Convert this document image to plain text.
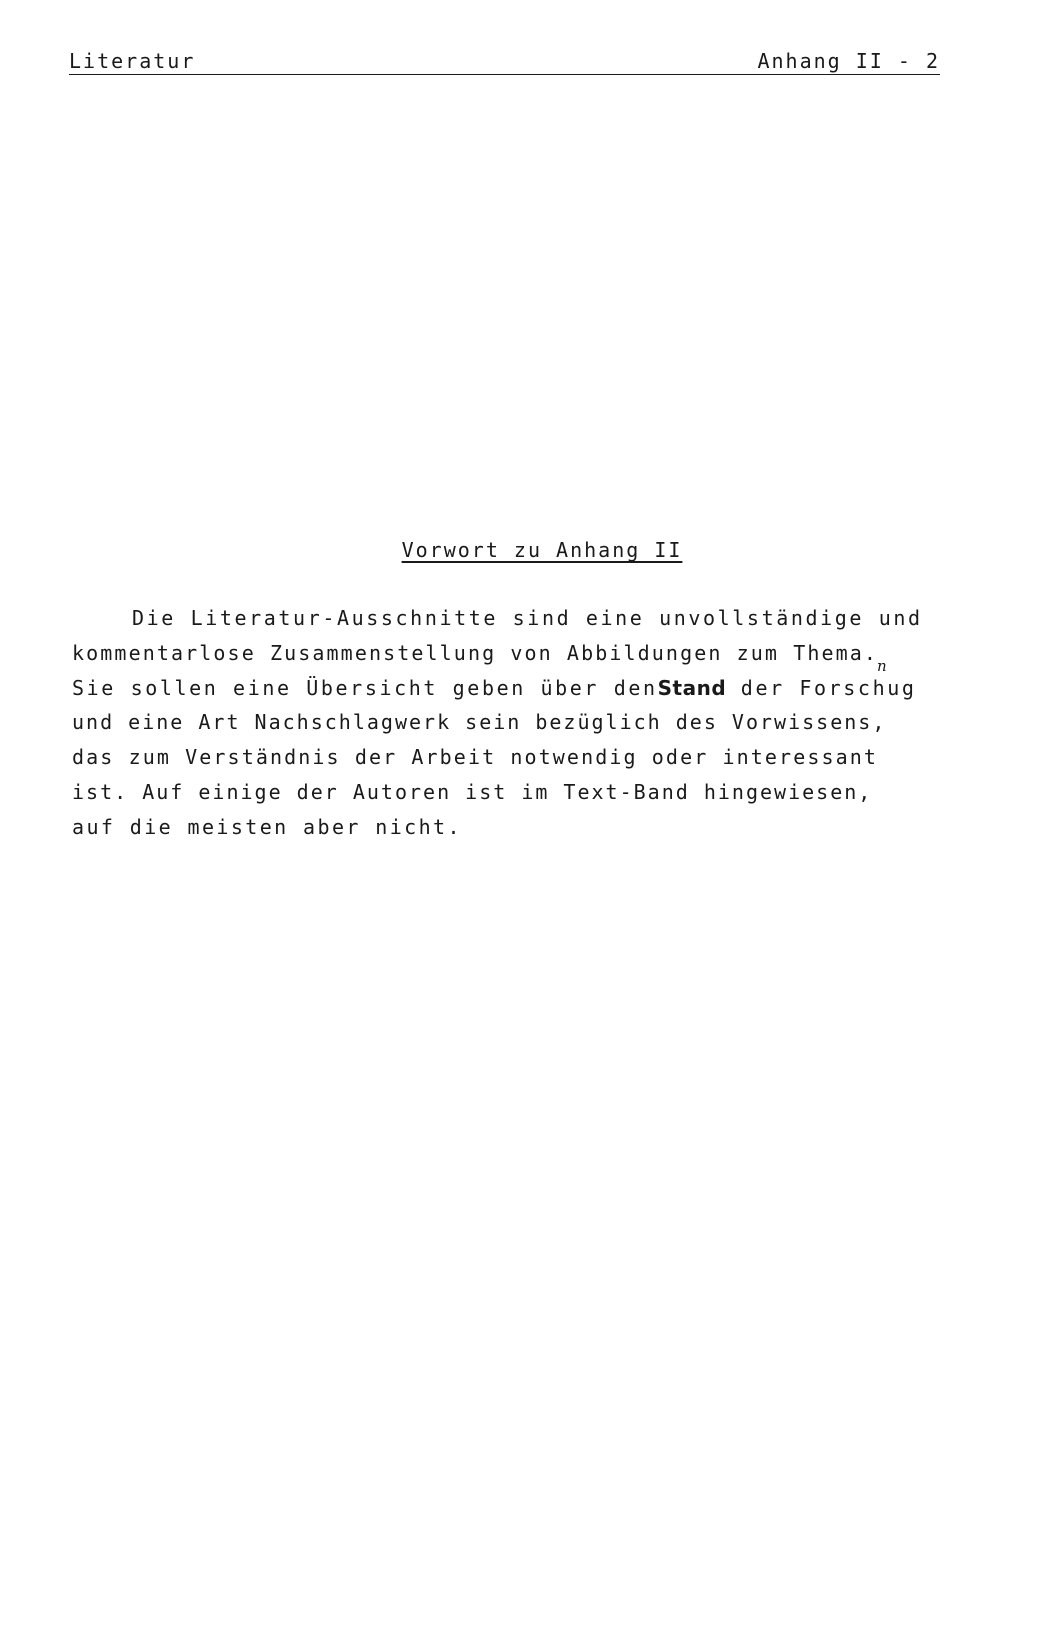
Literatur	Anhang II - 2
Vorwort zu Anhang II
Die Literatur-Ausschnitte sind eine unvollständige und
kommentarlose Zusammenstellung von Abbildungen zum Thema.
Sie sollen eine Übersicht geben über denStand der Forschug
n
und eine Art Nachschlagwerk sein bezüglich des Vorwissens,
das zum Verständnis der Arbeit notwendig oder interessant
ist. Auf einige der Autoren ist im Text-Band hingewiesen,
auf die meisten aber nicht.
